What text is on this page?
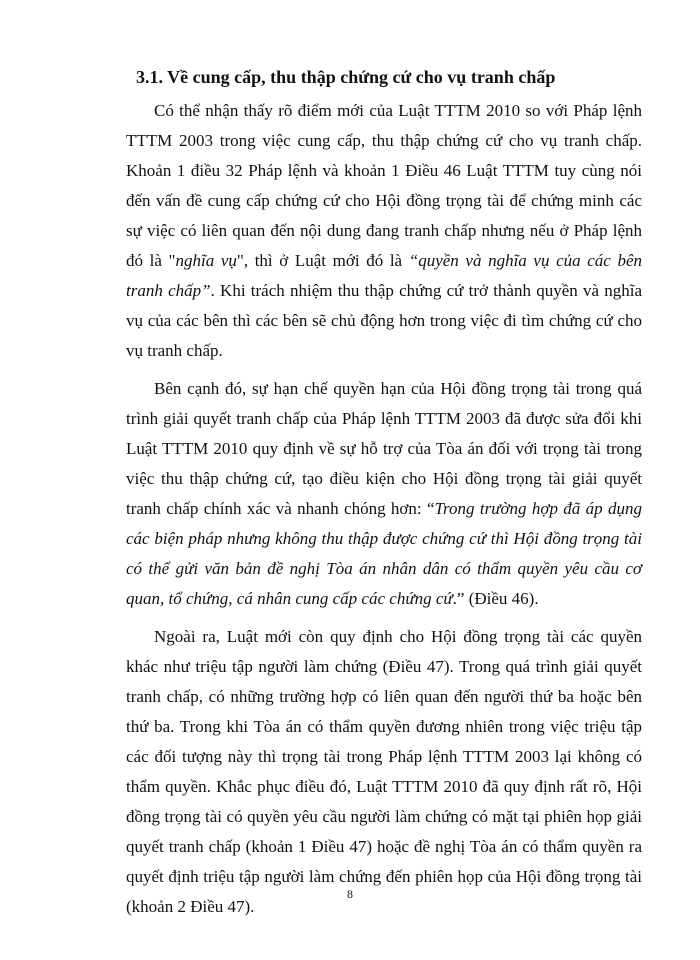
3.1. Về cung cấp, thu thập chứng cứ cho vụ tranh chấp

Có thể nhận thấy rõ điểm mới của Luật TTTM 2010 so với Pháp lệnh TTTM 2003 trong việc cung cấp, thu thập chứng cứ cho vụ tranh chấp. Khoản 1 điều 32 Pháp lệnh và khoản 1 Điều 46 Luật TTTM tuy cùng nói đến vấn đề cung cấp chứng cứ cho Hội đồng trọng tài để chứng minh các sự việc có liên quan đến nội dung đang tranh chấp nhưng nếu ở Pháp lệnh đó là "nghĩa vụ", thì ở Luật mới đó là “quyền và nghĩa vụ của các bên tranh chấp”. Khi trách nhiệm thu thập chứng cứ trở thành quyền và nghĩa vụ của các bên thì các bên sẽ chủ động hơn trong việc đi tìm chứng cứ cho vụ tranh chấp.

Bên cạnh đó, sự hạn chế quyền hạn của Hội đồng trọng tài trong quá trình giải quyết tranh chấp của Pháp lệnh TTTM 2003 đã được sửa đổi khi Luật TTTM 2010 quy định về sự hỗ trợ của Tòa án đối với trọng tài trong việc thu thập chứng cứ, tạo điều kiện cho Hội đồng trọng tài giải quyết tranh chấp chính xác và nhanh chóng hơn: “Trong trường hợp đã áp dụng các biện pháp nhưng không thu thập được chứng cứ thì Hội đồng trọng tài có thể gửi văn bản đề nghị Tòa án nhân dân có thẩm quyền yêu cầu cơ quan, tổ chứng, cá nhân cung cấp các chứng cứ.” (Điều 46).

Ngoài ra, Luật mới còn quy định cho Hội đồng trọng tài các quyền khác như triệu tập người làm chứng (Điều 47). Trong quá trình giải quyết tranh chấp, có những trường hợp có liên quan đến người thứ ba hoặc bên thứ ba. Trong khi Tòa án có thẩm quyền đương nhiên trong việc triệu tập các đối tượng này thì trọng tài trong Pháp lệnh TTTM 2003 lại không có thẩm quyền. Khắc phục điều đó, Luật TTTM 2010 đã quy định rất rõ, Hội đồng trọng tài có quyền yêu cầu người làm chứng có mặt tại phiên họp giải quyết tranh chấp (khoản 1 Điều 47) hoặc đề nghị Tòa án có thẩm quyền ra quyết định triệu tập người làm chứng đến phiên họp của Hội đồng trọng tài (khoản 2 Điều 47).

8
